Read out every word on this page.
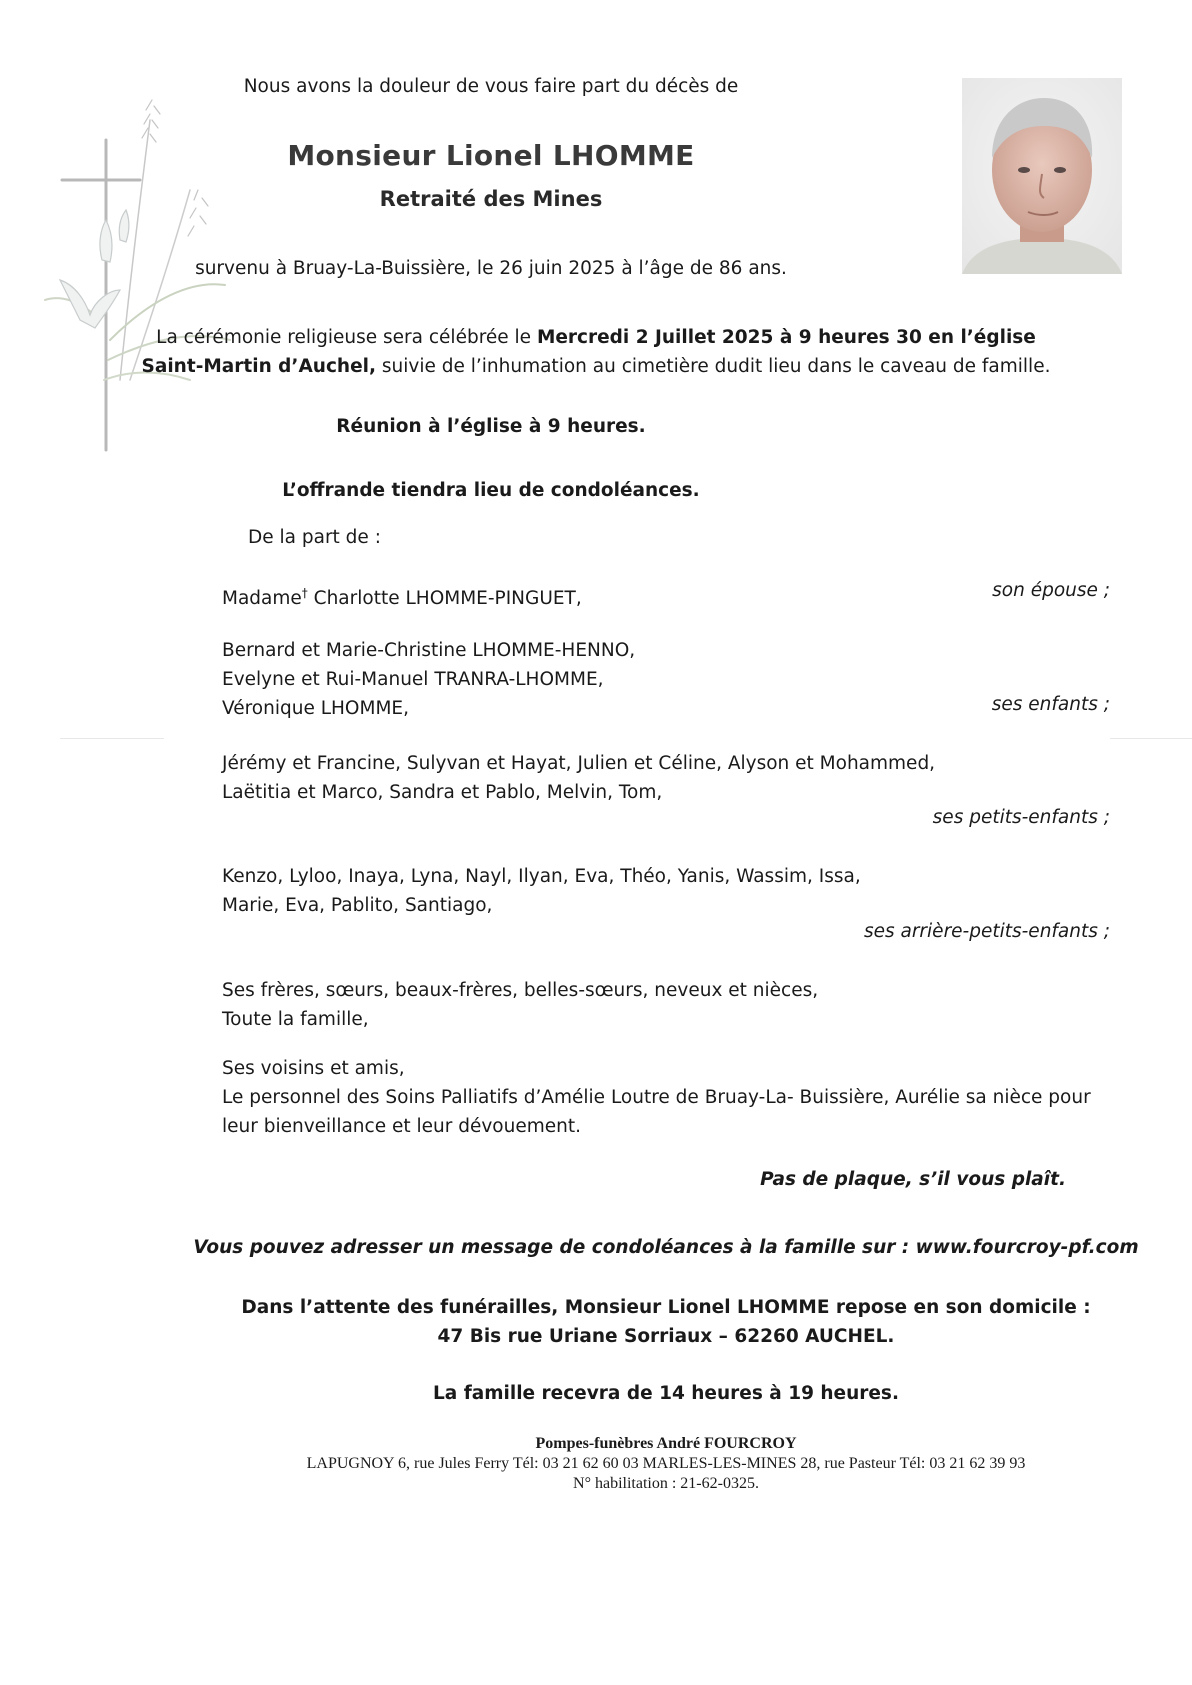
Nous avons la douleur de vous faire part du décès de
Monsieur Lionel LHOMME
Retraité des Mines
survenu à Bruay-La-Buissière, le 26 juin 2025 à l’âge de 86 ans.
La cérémonie religieuse sera célébrée le Mercredi 2 Juillet 2025 à 9 heures 30 en l’église
Saint-Martin d’Auchel, suivie de l’inhumation au cimetière dudit lieu dans le caveau de famille.
Réunion à l’église à 9 heures.
L’offrande tiendra lieu de condoléances.
De la part de :
Madame† Charlotte LHOMME-PINGUET,	son épouse ;
Bernard et Marie-Christine LHOMME-HENNO,
Evelyne et Rui-Manuel TRANRA-LHOMME,
Véronique LHOMME,	ses enfants ;
Jérémy et Francine, Sulyvan et Hayat, Julien et Céline, Alyson et Mohammed,
Laëtitia et Marco, Sandra et Pablo, Melvin, Tom,
ses petits-enfants ;
Kenzo, Lyloo, Inaya, Lyna, Nayl, Ilyan, Eva, Théo, Yanis, Wassim, Issa,
Marie, Eva, Pablito, Santiago,
ses arrière-petits-enfants ;
Ses frères, sœurs, beaux-frères, belles-sœurs, neveux et nièces,
Toute la famille,
Ses voisins et amis,
Le personnel des Soins Palliatifs d’Amélie Loutre de Bruay-La- Buissière, Aurélie sa nièce pour
leur bienveillance et leur dévouement.
Pas de plaque, s’il vous plaît.
Vous pouvez adresser un message de condoléances à la famille sur : www.fourcroy-pf.com
Dans l’attente des funérailles, Monsieur Lionel LHOMME repose en son domicile :
47 Bis rue Uriane Sorriaux – 62260 AUCHEL.
La famille recevra de 14 heures à 19 heures.
Pompes-funèbres André FOURCROY
LAPUGNOY 6, rue Jules Ferry Tél: 03 21 62 60 03 MARLES-LES-MINES 28, rue Pasteur Tél: 03 21 62 39 93
N° habilitation : 21-62-0325.
